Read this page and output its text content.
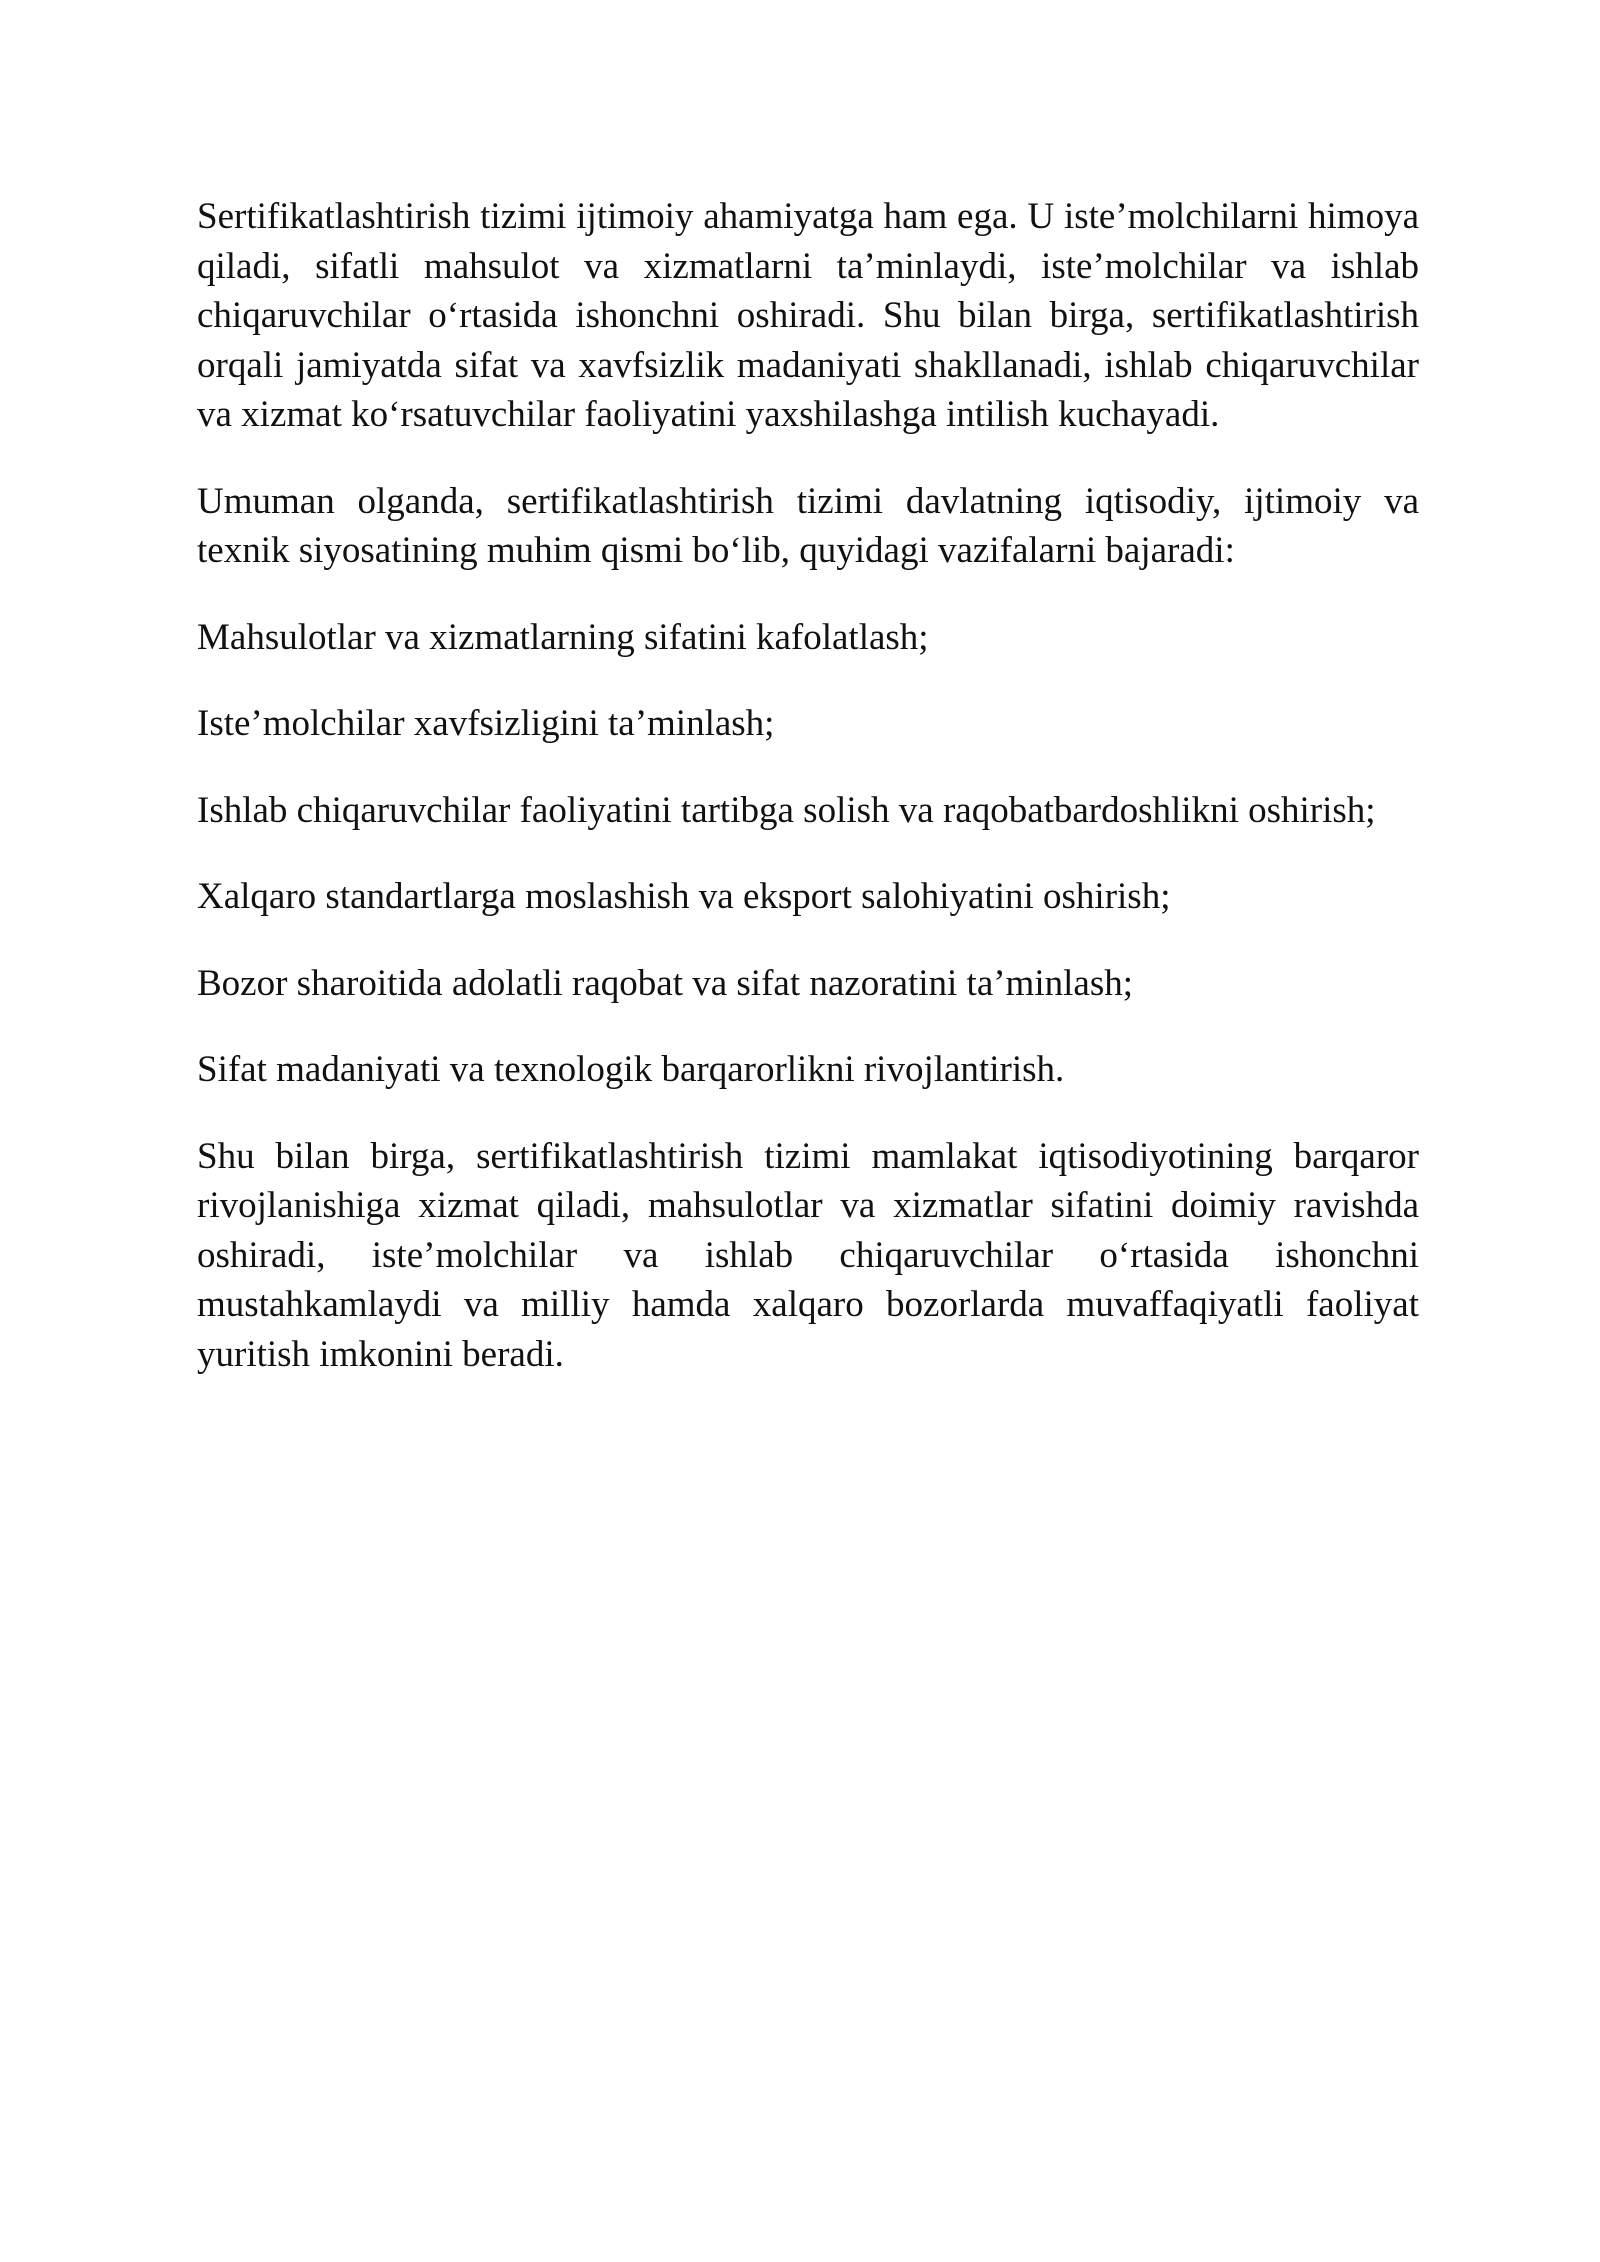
Sertifikatlashtirish tizimi ijtimoiy ahamiyatga ham ega. U iste’molchilarni himoya qiladi, sifatli mahsulot va xizmatlarni ta’minlaydi, iste’molchilar va ishlab chiqaruvchilar o‘rtasida ishonchni oshiradi. Shu bilan birga, sertifikatlashtirish orqali jamiyatda sifat va xavfsizlik madaniyati shakllanadi, ishlab chiqaruvchilar va xizmat ko‘rsatuvchilar faoliyatini yaxshilashga intilish kuchayadi.

Umuman olganda, sertifikatlashtirish tizimi davlatning iqtisodiy, ijtimoiy va texnik siyosatining muhim qismi bo‘lib, quyidagi vazifalarni bajaradi:

Mahsulotlar va xizmatlarning sifatini kafolatlash;

Iste’molchilar xavfsizligini ta’minlash;

Ishlab chiqaruvchilar faoliyatini tartibga solish va raqobatbardoshlikni oshirish;

Xalqaro standartlarga moslashish va eksport salohiyatini oshirish;

Bozor sharoitida adolatli raqobat va sifat nazoratini ta’minlash;

Sifat madaniyati va texnologik barqarorlikni rivojlantirish.

Shu bilan birga, sertifikatlashtirish tizimi mamlakat iqtisodiyotining barqaror rivojlanishiga xizmat qiladi, mahsulotlar va xizmatlar sifatini doimiy ravishda oshiradi, iste’molchilar va ishlab chiqaruvchilar o‘rtasida ishonchni mustahkamlaydi va milliy hamda xalqaro bozorlarda muvaffaqiyatli faoliyat yuritish imkonini beradi.
